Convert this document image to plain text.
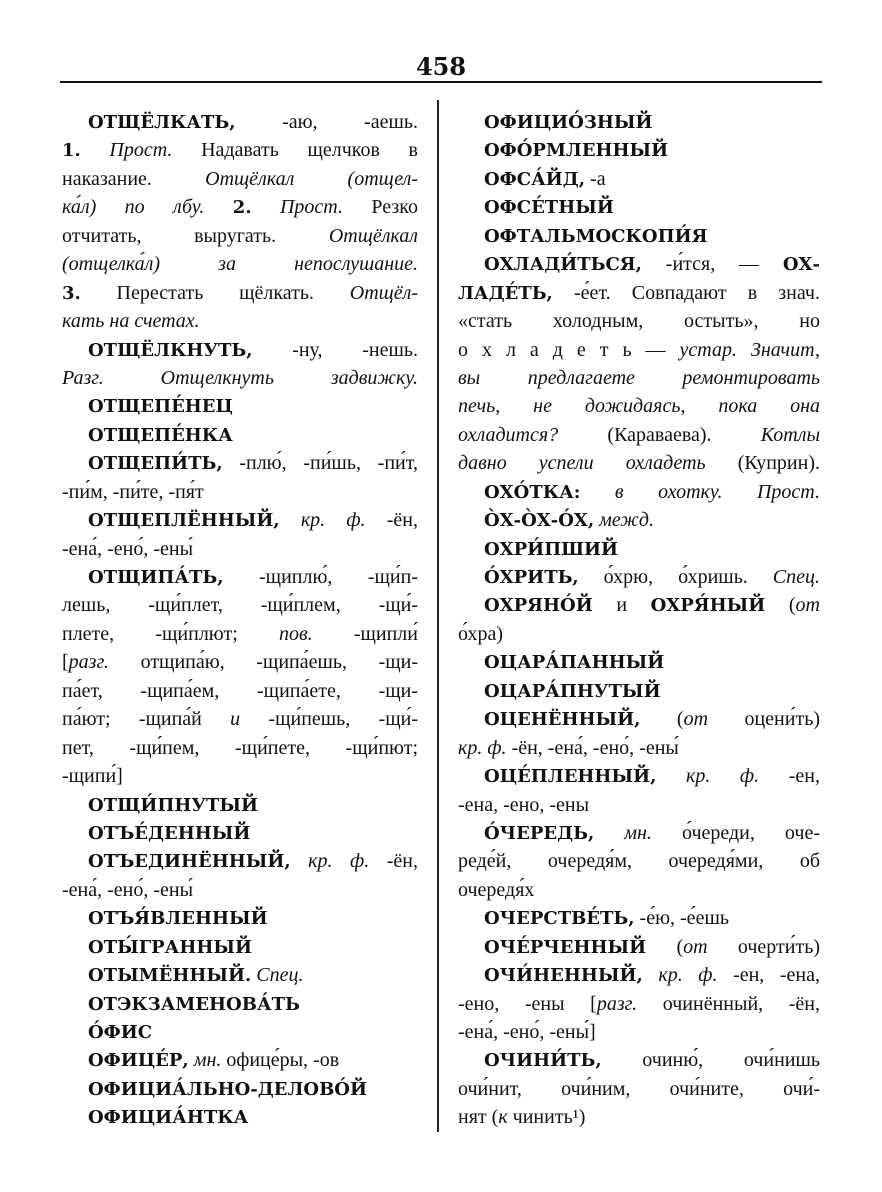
458
ОТЩЁЛКАТЬ, -аю, -аешь.
1. Прост. Надавать щелчков в
наказание. Отщёлкал (отщел-
ка́л) по лбу. 2. Прост. Резко
отчитать, выругать. Отщёлкал
(отщелка́л) за непослушание.
3. Перестать щёлкать. Отщёл-
кать на счетах.
ОТЩЁЛКНУТЬ, -ну, -нешь.
Разг. Отщелкнуть задвижку.
ОТЩЕПЕ́НЕЦ
ОТЩЕПЕ́НКА
ОТЩЕПИ́ТЬ, -плю́, -пи́шь, -пи́т,
-пи́м, -пи́те, -пя́т
ОТЩЕПЛЁННЫЙ, кр. ф. -ён,
-ена́, -ено́, -ены́
ОТЩИПА́ТЬ, -щиплю́, -щи́п-
лешь, -щи́плет, -щи́плем, -щи́-
плете, -щи́плют; пов. -щипли́
[разг. отщипа́ю, -щипа́ешь, -щи-
па́ет, -щипа́ем, -щипа́ете, -щи-
па́ют; -щипа́й и -щи́пешь, -щи́-
пет, -щи́пем, -щи́пете, -щи́пют;
-щипи́]
ОТЩИ́ПНУТЫЙ
ОТЪЕ́ДЕННЫЙ
ОТЪЕДИНЁННЫЙ, кр. ф. -ён,
-ена́, -ено́, -ены́
ОТЪЯ́ВЛЕННЫЙ
ОТЫ́ГРАННЫЙ
ОТЫМЁННЫЙ. Спец.
ОТЭКЗАМЕНОВА́ТЬ
О́ФИС
ОФИЦЕ́Р, мн. офице́ры, -ов
ОФИЦИА́ЛЬНО-ДЕЛОВО́Й
ОФИЦИА́НТКА
ОФИЦИО́ЗНЫЙ
ОФО́РМЛЕННЫЙ
ОФСА́ЙД, -а
ОФСЕ́ТНЫЙ
ОФТАЛЬМОСКОПИ́Я
ОХЛАДИ́ТЬСЯ, -и́тся, — ОХ-
ЛАДЕ́ТЬ, -е́ет. Совпадают в знач.
«стать холодным, остыть», но
о х л а д е т ь — устар. Значит,
вы предлагаете ремонтировать
печь, не дожидаясь, пока она
охладится? (Караваева). Котлы
давно успели охладеть (Куприн).
ОХО́ТКА: в охотку. Прост.
О̀Х-О̀Х-О́Х, межд.
ОХРИ́ПШИЙ
О́ХРИТЬ, о́хрю, о́хришь. Спец.
ОХРЯНО́Й и ОХРЯ́НЫЙ (от
о́хра)
ОЦАРА́ПАННЫЙ
ОЦАРА́ПНУТЫЙ
ОЦЕНЁННЫЙ, (от оцени́ть)
кр. ф. -ён, -ена́, -ено́, -ены́
ОЦЕ́ПЛЕННЫЙ, кр. ф. -ен,
-ена, -ено, -ены
О́ЧЕРЕДЬ, мн. о́череди, оче-
реде́й, очередя́м, очередя́ми, об
очередя́х
ОЧЕРСТВЕ́ТЬ, -е́ю, -е́ешь
ОЧЕ́РЧЕННЫЙ (от очерти́ть)
ОЧИ́НЕННЫЙ, кр. ф. -ен, -ена,
-ено, -ены [разг. очинённый, -ён,
-ена́, -ено́, -ены́]
ОЧИНИ́ТЬ, очиню́, очи́нишь
очи́нит, очи́ним, очи́ните, очи́-
нят (к чинить¹)
